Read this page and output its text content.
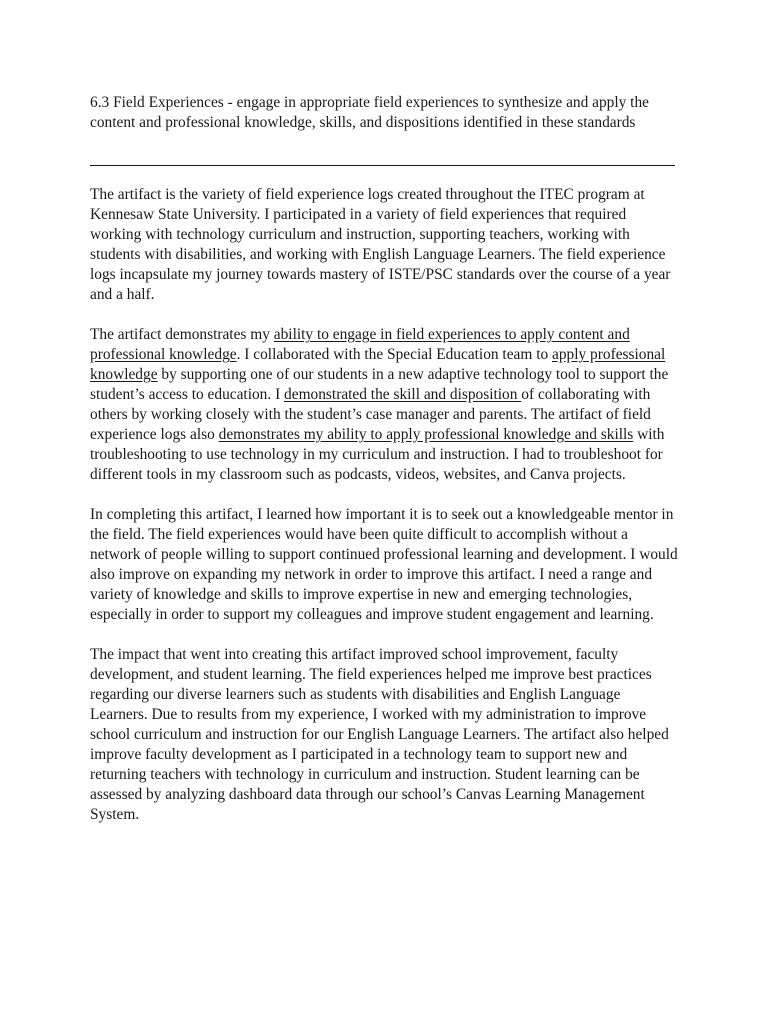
6.3 Field Experiences - engage in appropriate field experiences to synthesize and apply the content and professional knowledge, skills, and dispositions identified in these standards

The artifact is the variety of field experience logs created throughout the ITEC program at Kennesaw State University. I participated in a variety of field experiences that required working with technology curriculum and instruction, supporting teachers, working with students with disabilities, and working with English Language Learners. The field experience logs incapsulate my journey towards mastery of ISTE/PSC standards over the course of a year and a half.

The artifact demonstrates my ability to engage in field experiences to apply content and professional knowledge. I collaborated with the Special Education team to apply professional knowledge by supporting one of our students in a new adaptive technology tool to support the student’s access to education. I demonstrated the skill and disposition of collaborating with others by working closely with the student’s case manager and parents. The artifact of field experience logs also demonstrates my ability to apply professional knowledge and skills with troubleshooting to use technology in my curriculum and instruction. I had to troubleshoot for different tools in my classroom such as podcasts, videos, websites, and Canva projects.

In completing this artifact, I learned how important it is to seek out a knowledgeable mentor in the field. The field experiences would have been quite difficult to accomplish without a network of people willing to support continued professional learning and development. I would also improve on expanding my network in order to improve this artifact. I need a range and variety of knowledge and skills to improve expertise in new and emerging technologies, especially in order to support my colleagues and improve student engagement and learning.

The impact that went into creating this artifact improved school improvement, faculty development, and student learning. The field experiences helped me improve best practices regarding our diverse learners such as students with disabilities and English Language Learners. Due to results from my experience, I worked with my administration to improve school curriculum and instruction for our English Language Learners. The artifact also helped improve faculty development as I participated in a technology team to support new and returning teachers with technology in curriculum and instruction. Student learning can be assessed by analyzing dashboard data through our school’s Canvas Learning Management System.
